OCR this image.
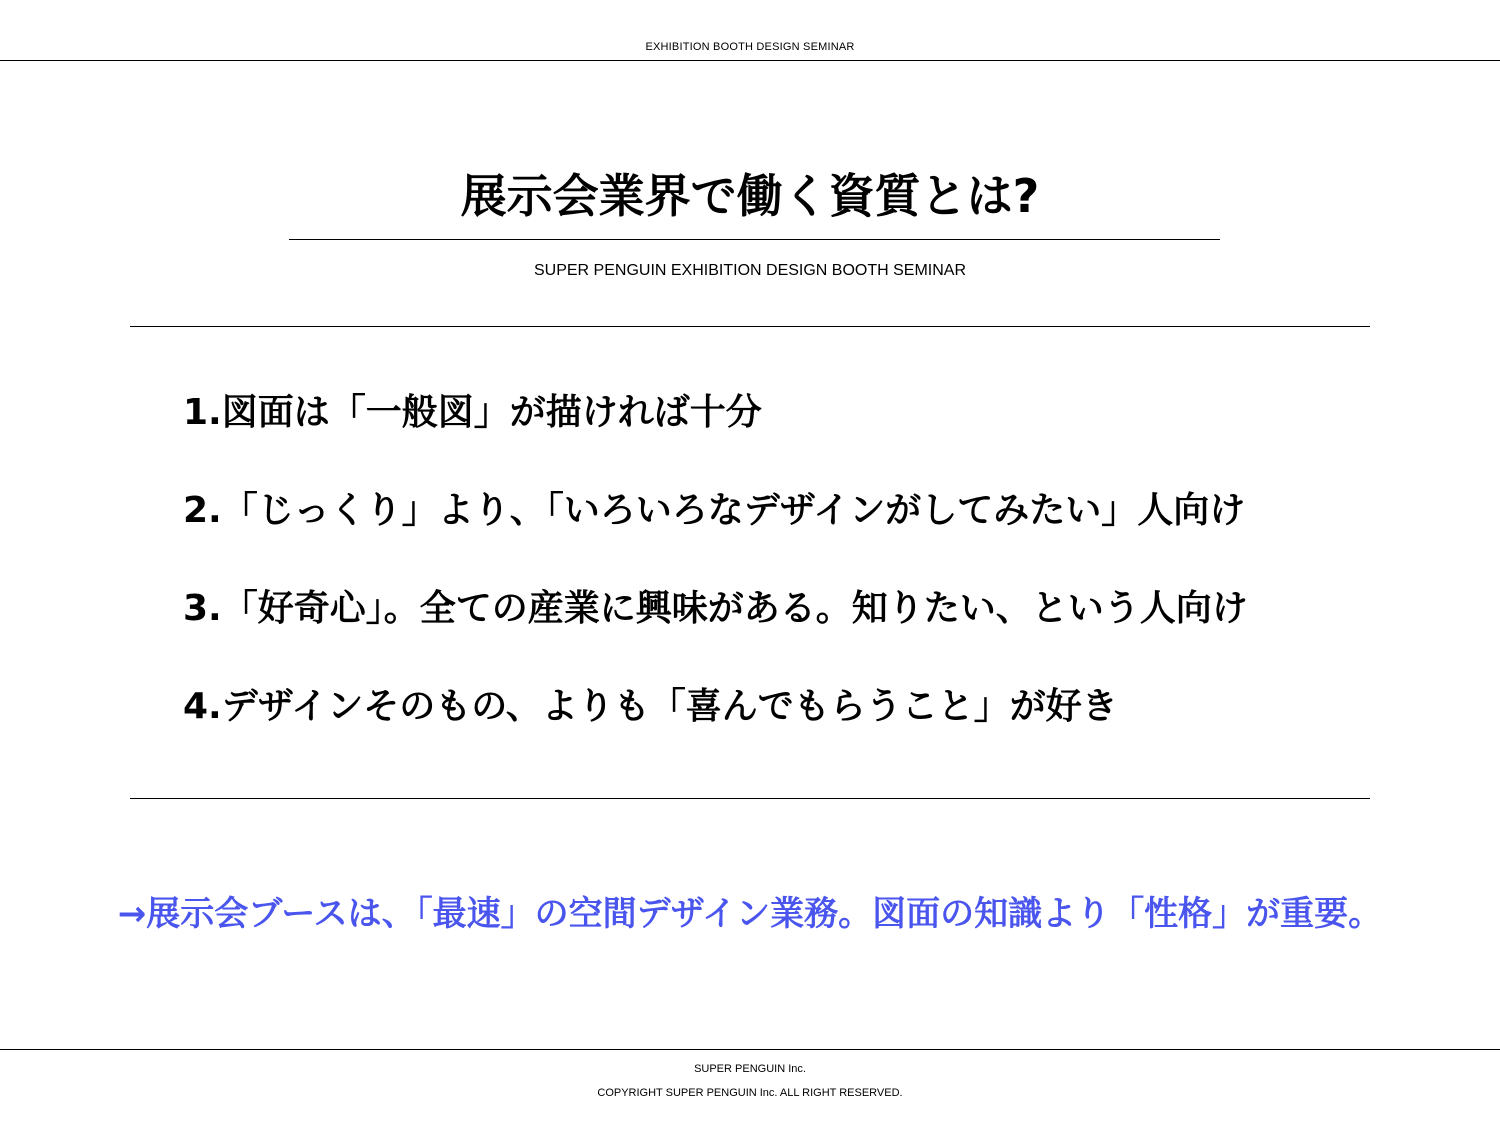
EXHIBITION BOOTH DESIGN SEMINAR
展示会業界で働く資質とは?
SUPER PENGUIN EXHIBITION DESIGN BOOTH SEMINAR
1.図面は「一般図」が描ければ十分
2.「じっくり」より、「いろいろなデザインがしてみたい」人向け
3.「好奇心」。全ての産業に興味がある。知りたい、という人向け
4.デザインそのもの、よりも「喜んでもらうこと」が好き
→展示会ブースは、「最速」の空間デザイン業務。図面の知識より「性格」が重要。
SUPER PENGUIN Inc.
COPYRIGHT SUPER PENGUIN Inc. ALL RIGHT RESERVED.
